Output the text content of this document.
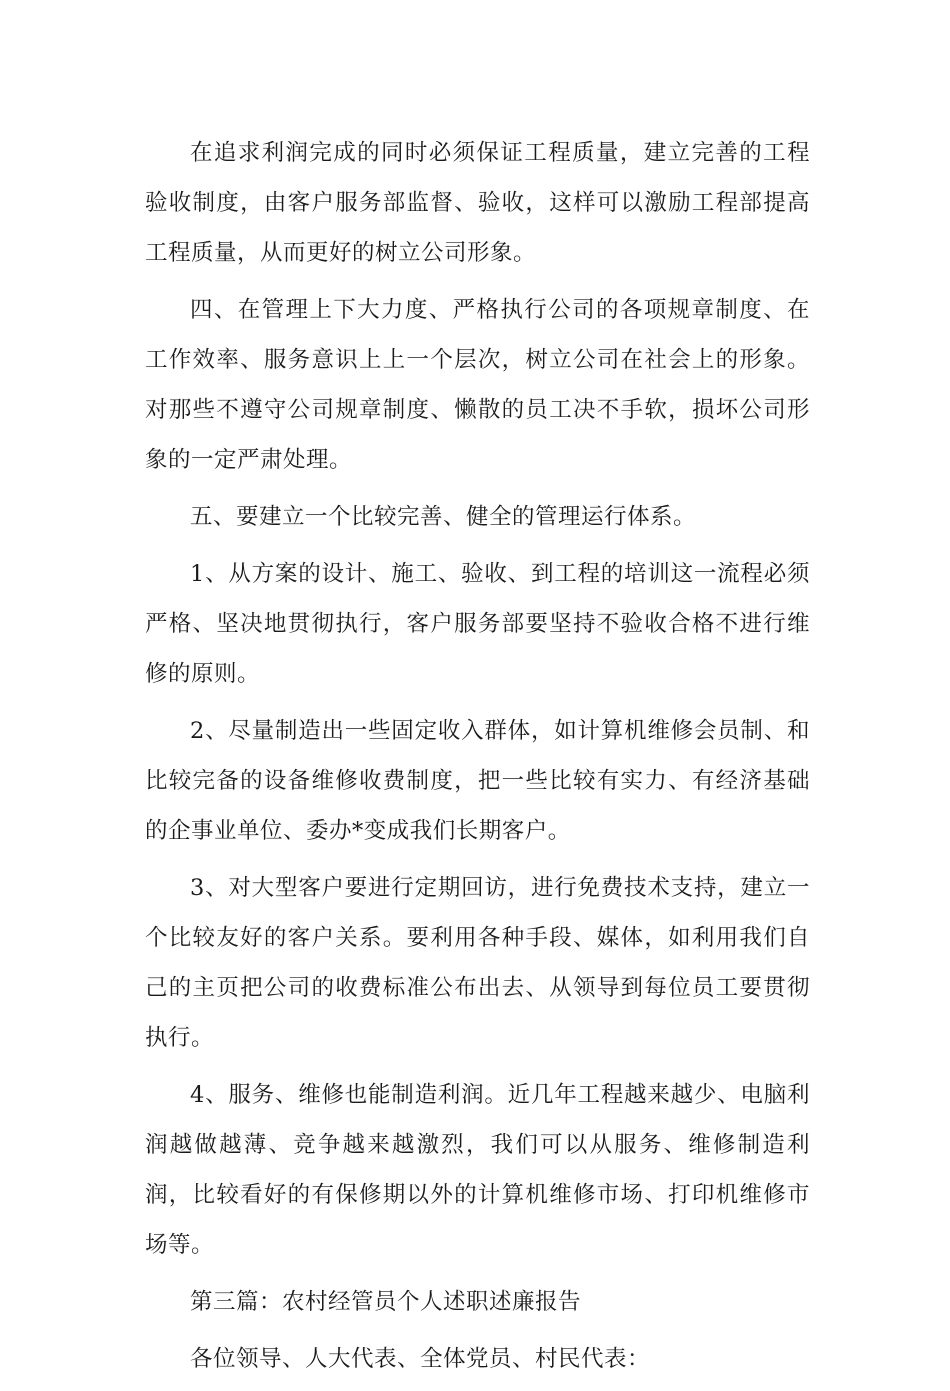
在追求利润完成的同时必须保证工程质量，建立完善的工程验收制度，由客户服务部监督、验收，这样可以激励工程部提高工程质量，从而更好的树立公司形象。

四、在管理上下大力度、严格执行公司的各项规章制度、在工作效率、服务意识上上一个层次，树立公司在社会上的形象。对那些不遵守公司规章制度、懒散的员工决不手软，损坏公司形象的一定严肃处理。

五、要建立一个比较完善、健全的管理运行体系。

1、从方案的设计、施工、验收、到工程的培训这一流程必须严格、坚决地贯彻执行，客户服务部要坚持不验收合格不进行维修的原则。

2、尽量制造出一些固定收入群体，如计算机维修会员制、和比较完备的设备维修收费制度，把一些比较有实力、有经济基础的企事业单位、委办*变成我们长期客户。

3、对大型客户要进行定期回访，进行免费技术支持，建立一个比较友好的客户关系。要利用各种手段、媒体，如利用我们自己的主页把公司的收费标准公布出去、从领导到每位员工要贯彻执行。

4、服务、维修也能制造利润。近几年工程越来越少、电脑利润越做越薄、竞争越来越激烈，我们可以从服务、维修制造利润，比较看好的有保修期以外的计算机维修市场、打印机维修市场等。

第三篇：农村经管员个人述职述廉报告

各位领导、人大代表、全体党员、村民代表：
